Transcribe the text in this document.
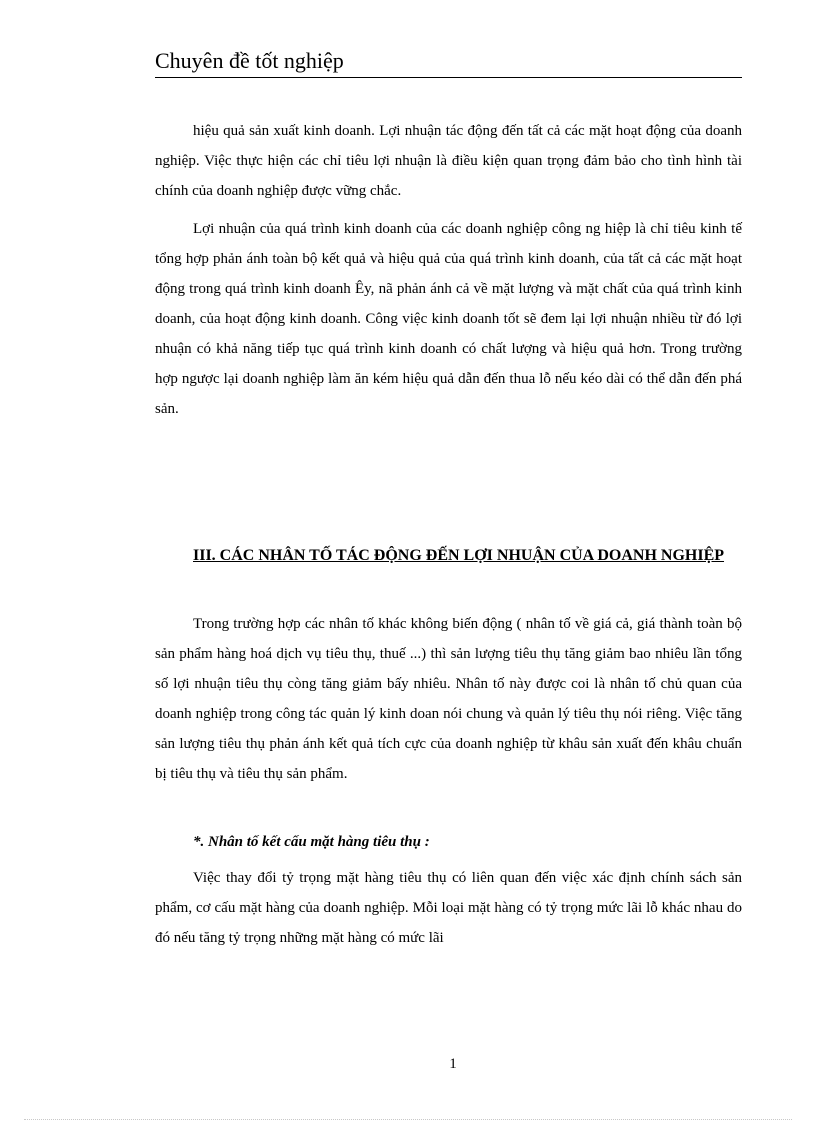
Chuyên đề tốt nghiệp

hiệu quả sản xuất kinh doanh. Lợi nhuận tác động đến tất cả các mặt hoạt động của doanh nghiệp. Việc thực hiện các chỉ tiêu lợi nhuận là điều kiện quan trọng đảm bảo cho tình hình tài chính của doanh nghiệp được vững chắc.

Lợi nhuận của quá trình kinh doanh của các doanh nghiệp công ng hiệp là chỉ tiêu kinh tế tổng hợp phản ánh toàn bộ kết quả và hiệu quả của quá trình kinh doanh, của tất cả các mặt hoạt động trong quá trình kinh doanh Êy, nã phản ánh cả về mặt lượng và mặt chất của quá trình kinh doanh, của hoạt động kinh doanh. Công việc kinh doanh tốt sẽ đem lại lợi nhuận nhiều từ đó lợi nhuận có khả năng tiếp tục quá trình kinh doanh có chất lượng và hiệu quả hơn. Trong trường hợp ngược lại doanh nghiệp làm ăn kém hiệu quả dẫn đến thua lỗ nếu kéo dài có thể dẫn đến phá sản.

III. CÁC NHÂN TỐ TÁC ĐỘNG ĐẾN LỢI NHUẬN CỦA DOANH NGHIỆP

Trong trường hợp các nhân tố khác không biến động ( nhân tố về giá cả, giá thành toàn bộ sản phẩm hàng hoá dịch vụ tiêu thụ, thuế ...) thì sản lượng tiêu thụ tăng giảm bao nhiêu lần tổng số lợi nhuận tiêu thụ còng tăng giảm bấy nhiêu. Nhân tố này được coi là nhân tố chủ quan của doanh nghiệp trong công tác quản lý kinh doan nói chung và quản lý tiêu thụ nói riêng. Việc tăng sản lượng tiêu thụ phản ánh kết quả tích cực của doanh nghiệp từ khâu sản xuất đến khâu chuẩn bị tiêu thụ và tiêu thụ sản phẩm.

*. Nhân tố kết cấu mặt hàng tiêu thụ :

Việc thay đổi tỷ trọng mặt hàng tiêu thụ có liên quan đến việc xác định chính sách sản phẩm, cơ cấu mặt hàng của doanh nghiệp. Mỗi loại mặt hàng có tỷ trọng mức lãi lỗ khác nhau do đó nếu tăng tỷ trọng những mặt hàng có mức lãi

1
